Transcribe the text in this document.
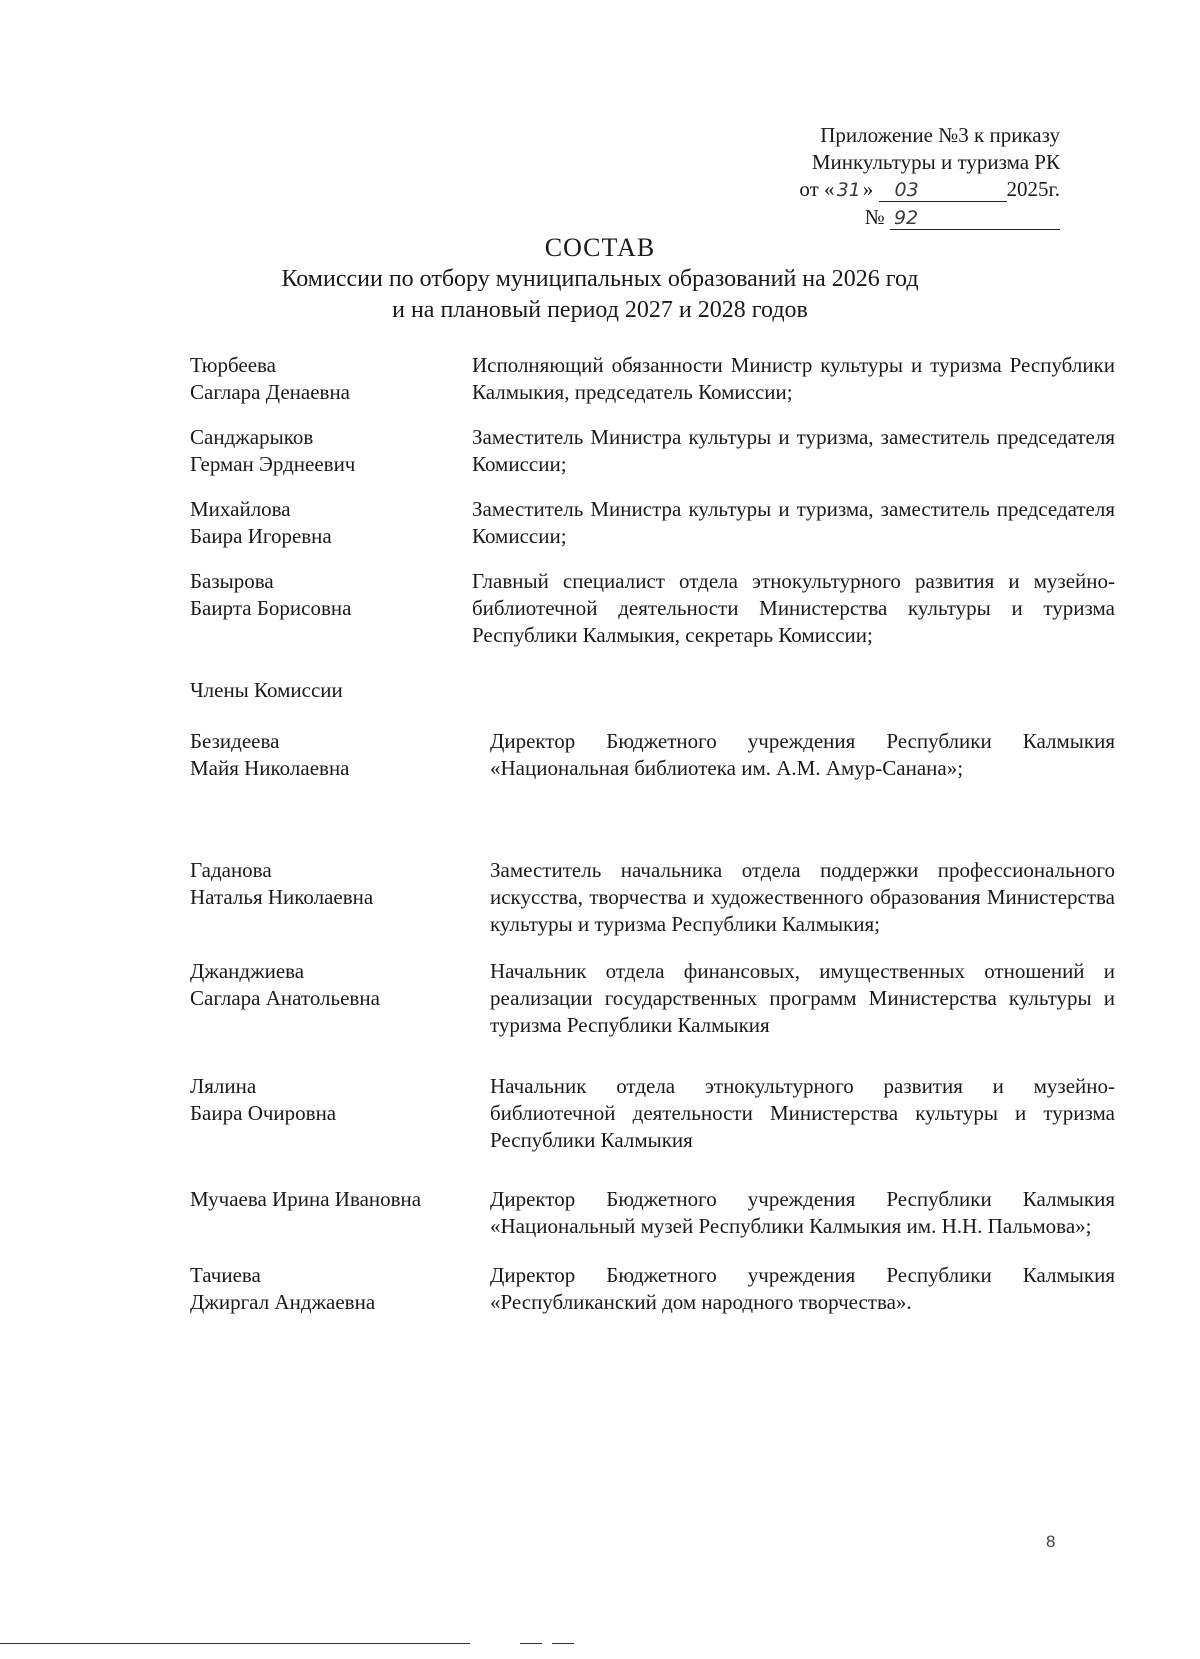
Приложение №3 к приказу
Минкультуры и туризма РК
от « 31» 03	2025г.
№ 92
СОСТАВ
Комиссии по отбору муниципальных образований на 2026 год
и на плановый период 2027 и 2028 годов
Тюрбеева
Саглара Денаевна
Исполняющий обязанности Министр культуры и туризма Республики Калмыкия, председатель Комиссии;
Санджарыков
Герман Эрднеевич
Заместитель Министра культуры и туризма, заместитель председателя Комиссии;
Михайлова
Баира Игоревна
Заместитель Министра культуры и туризма, заместитель председателя Комиссии;
Базырова
Баирта Борисовна
Главный специалист отдела этнокультурного развития и музейно-библиотечной деятельности Министерства культуры и туризма Республики Калмыкия, секретарь Комиссии;
Члены Комиссии
Безидеева
Майя Николаевна
Директор Бюджетного учреждения Республики Калмыкия «Национальная библиотека им. А.М. Амур-Санана»;
Гаданова
Наталья Николаевна
Заместитель начальника отдела поддержки профессионального искусства, творчества и художественного образования Министерства культуры и туризма Республики Калмыкия;
Джанджиева
Саглара Анатольевна
Начальник отдела финансовых, имущественных отношений и реализации государственных программ Министерства культуры и туризма Республики Калмыкия
Лялина
Баира Очировна
Начальник отдела этнокультурного развития и музейно-библиотечной деятельности Министерства культуры и туризма Республики Калмыкия
Мучаева Ирина Ивановна	Директор Бюджетного учреждения Республики Калмыкия «Национальный музей Республики Калмыкия им. Н.Н. Пальмова»;
Тачиева
Джиргал Анджаевна
Директор Бюджетного учреждения Республики Калмыкия «Республиканский дом народного творчества».
8
